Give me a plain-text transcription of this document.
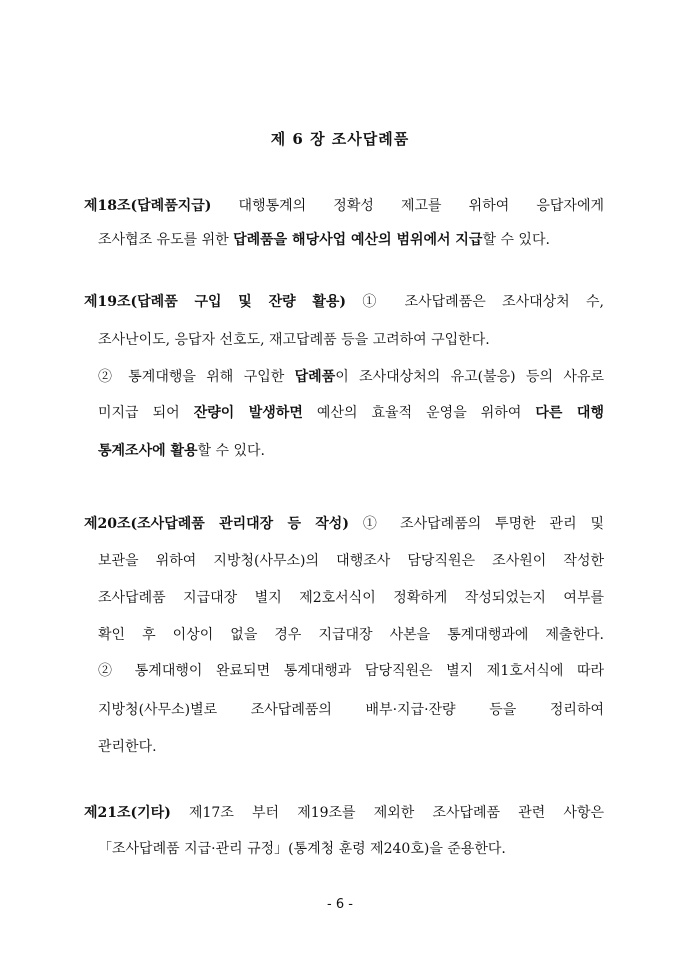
제 6 장 조사답례품
제18조(답례품지급) 대행통계의 정확성 제고를 위하여 응답자에게
조사협조 유도를 위한 답례품을 해당사업 예산의 범위에서 지급할 수 있다.
제19조(답례품 구입 및 잔량 활용) ① 조사답례품은 조사대상처 수,
조사난이도, 응답자 선호도, 재고답례품 등을 고려하여 구입한다.
② 통계대행을 위해 구입한 답례품이 조사대상처의 유고(불응) 등의 사유로
미지급 되어 잔량이 발생하면 예산의 효율적 운영을 위하여 다른 대행
통계조사에 활용할 수 있다.
제20조(조사답례품 관리대장 등 작성) ① 조사답례품의 투명한 관리 및
보관을 위하여 지방청(사무소)의 대행조사 담당직원은 조사원이 작성한
조사답례품 지급대장 별지 제2호서식이 정확하게 작성되었는지 여부를
확인 후 이상이 없을 경우 지급대장 사본을 통계대행과에 제출한다.
② 통계대행이 완료되면 통계대행과 담당직원은 별지 제1호서식에 따라
지방청(사무소)별로 조사답례품의 배부·지급·잔량 등을 정리하여
관리한다.
제21조(기타) 제17조 부터 제19조를 제외한 조사답례품 관련 사항은
「조사답례품 지급·관리 규정」(통계청 훈령 제240호)을 준용한다.
- 6 -
